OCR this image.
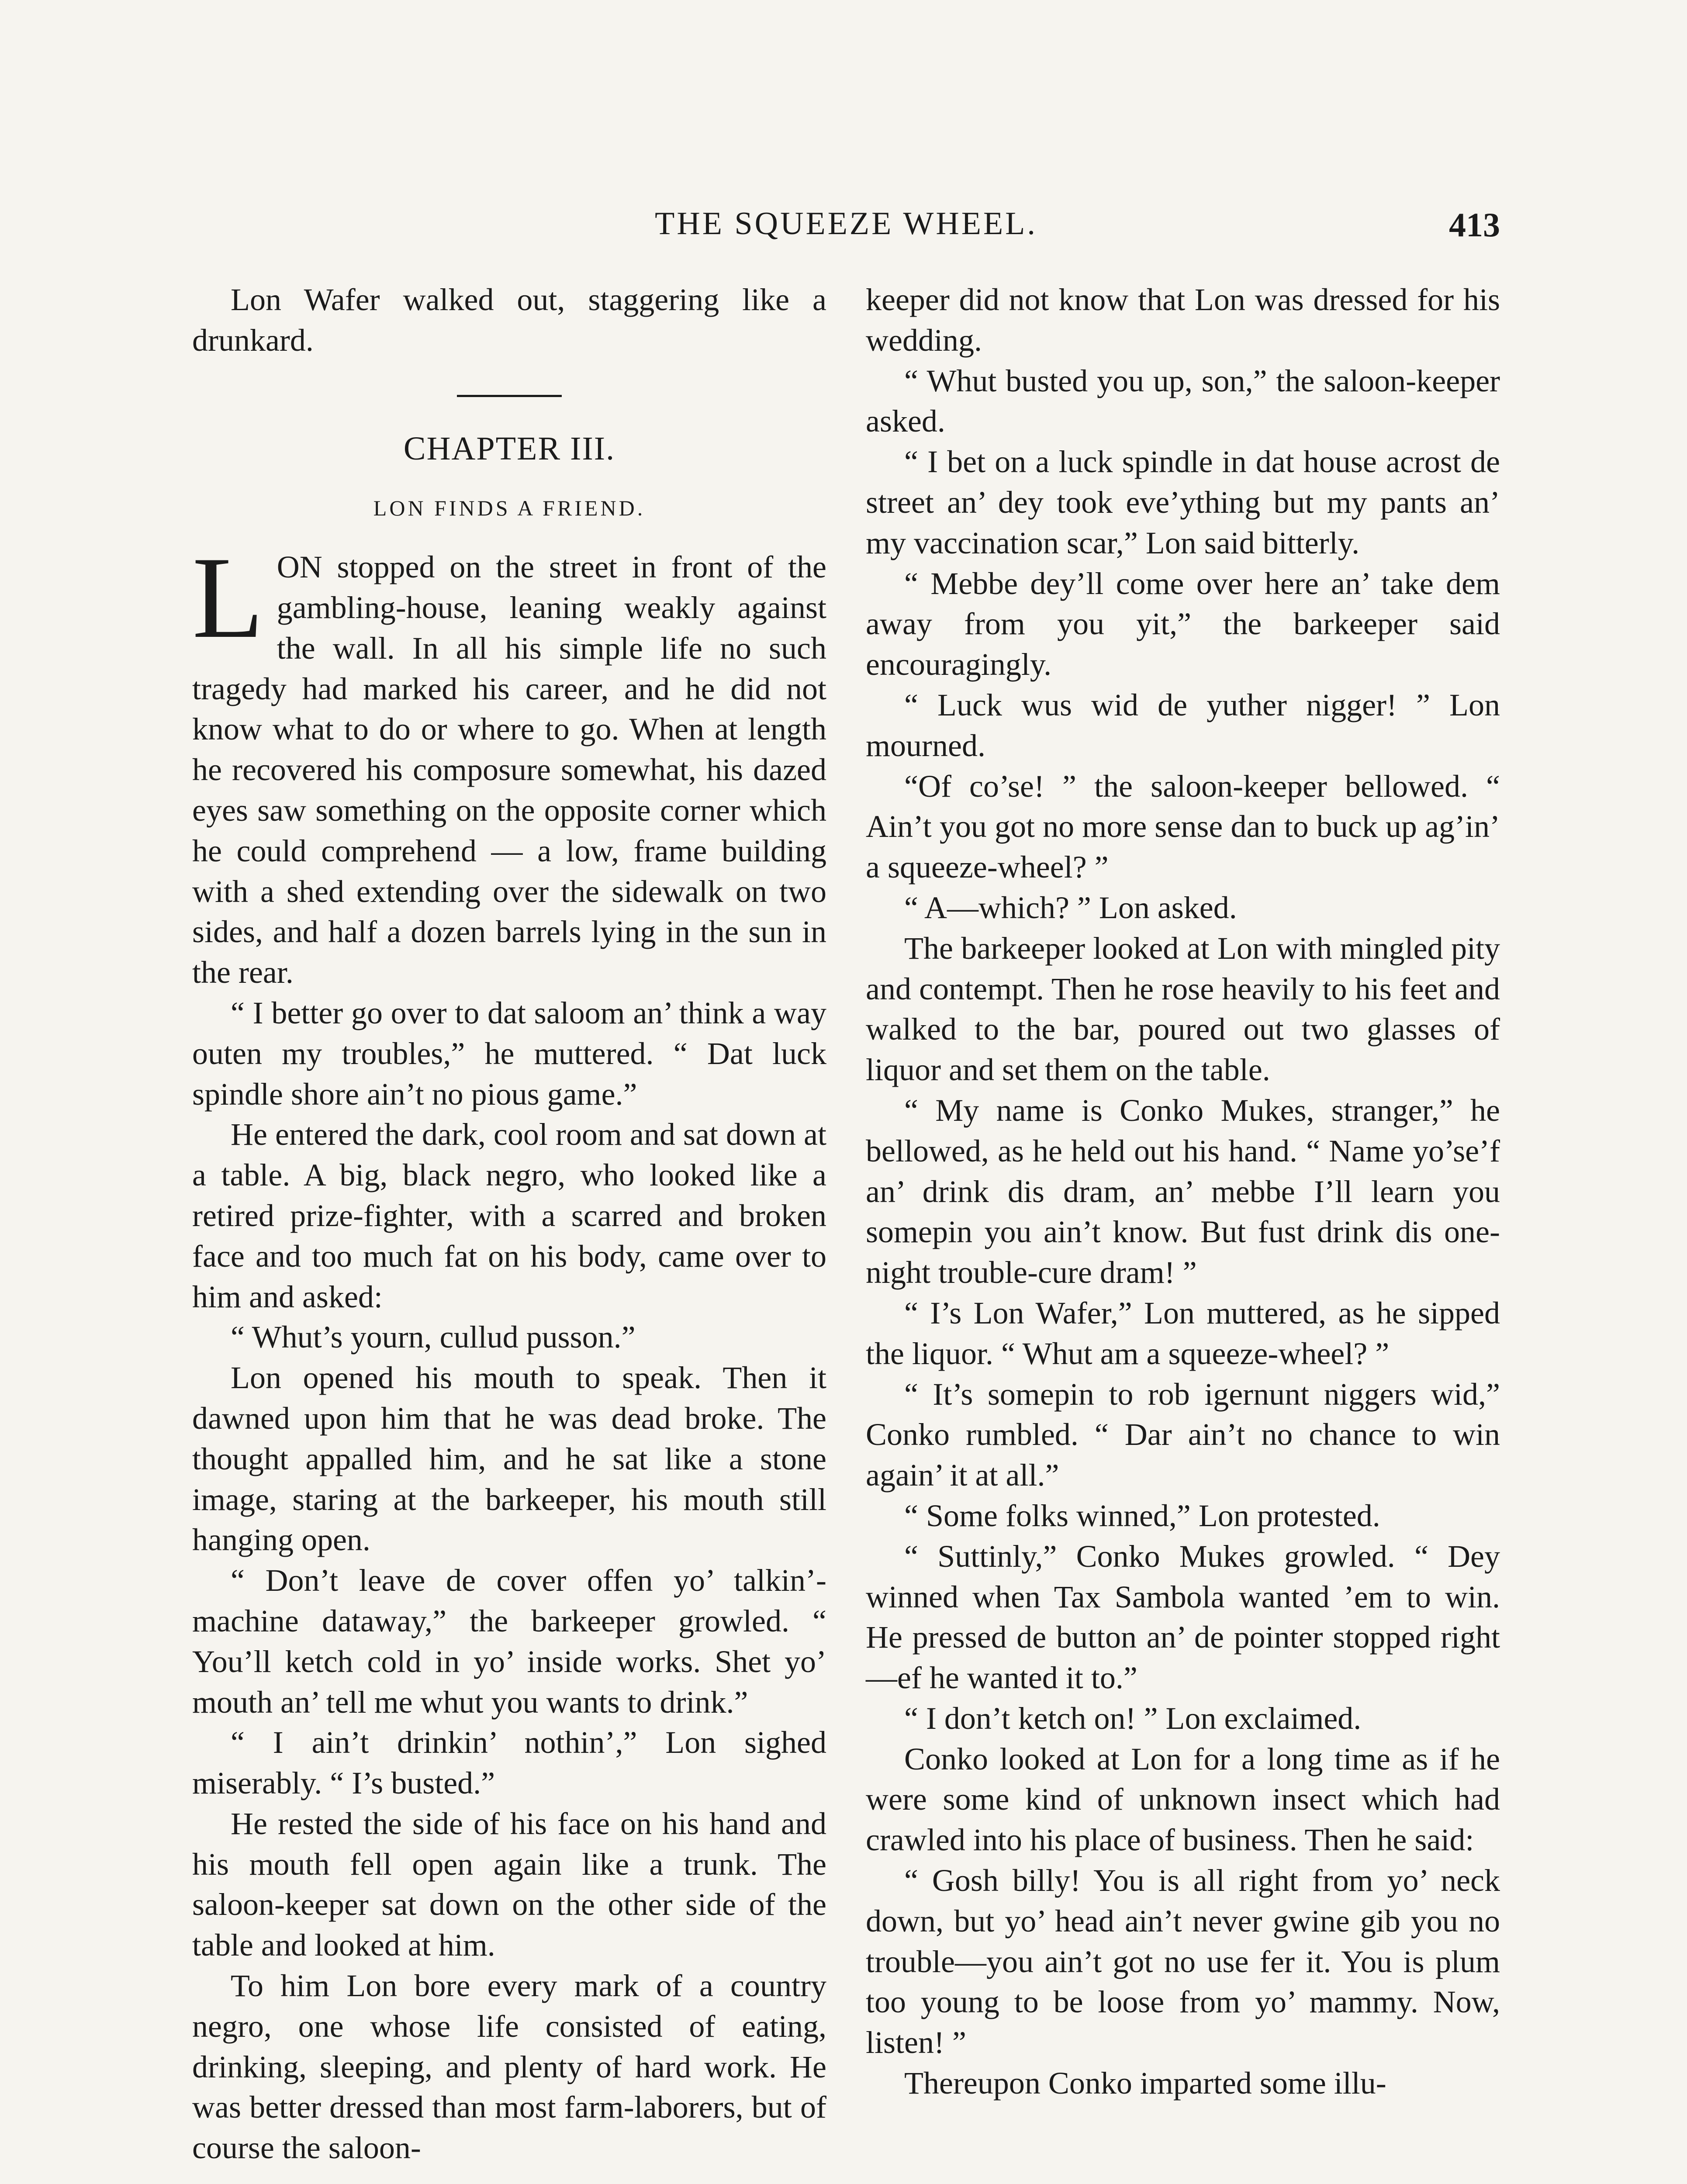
THE SQUEEZE WHEEL.	413

Lon Wafer walked out, staggering like a drunkard.

CHAPTER III.
LON FINDS A FRIEND.

LON stopped on the street in front of the gambling-house, leaning weakly against the wall. In all his simple life no such tragedy had marked his career, and he did not know what to do or where to go. When at length he recovered his composure somewhat, his dazed eyes saw something on the opposite corner which he could comprehend — a low, frame building with a shed extending over the sidewalk on two sides, and half a dozen barrels lying in the sun in the rear.

“ I better go over to dat saloom an’ think a way outen my troubles,” he muttered. “ Dat luck spindle shore ain’t no pious game.”

He entered the dark, cool room and sat down at a table. A big, black negro, who looked like a retired prize-fighter, with a scarred and broken face and too much fat on his body, came over to him and asked:

“ Whut’s yourn, cullud pusson.”

Lon opened his mouth to speak. Then it dawned upon him that he was dead broke. The thought appalled him, and he sat like a stone image, staring at the barkeeper, his mouth still hanging open.

“ Don’t leave de cover offen yo’ talkin’-machine dataway,” the barkeeper growled. “ You’ll ketch cold in yo’ inside works. Shet yo’ mouth an’ tell me whut you wants to drink.”

“ I ain’t drinkin’ nothin’,” Lon sighed miserably. “ I’s busted.”

He rested the side of his face on his hand and his mouth fell open again like a trunk. The saloon-keeper sat down on the other side of the table and looked at him.

To him Lon bore every mark of a country negro, one whose life consisted of eating, drinking, sleeping, and plenty of hard work. He was better dressed than most farm-laborers, but of course the saloon-

keeper did not know that Lon was dressed for his wedding.

“ Whut busted you up, son,” the saloon-keeper asked.

“ I bet on a luck spindle in dat house acrost de street an’ dey took eve’ything but my pants an’ my vaccination scar,” Lon said bitterly.

“ Mebbe dey’ll come over here an’ take dem away from you yit,” the barkeeper said encouragingly.

“ Luck wus wid de yuther nigger! ” Lon mourned.

“Of co’se! ” the saloon-keeper bellowed. “ Ain’t you got no more sense dan to buck up ag’in’ a squeeze-wheel? ”

“ A—which? ” Lon asked.

The barkeeper looked at Lon with mingled pity and contempt. Then he rose heavily to his feet and walked to the bar, poured out two glasses of liquor and set them on the table.

“ My name is Conko Mukes, stranger,” he bellowed, as he held out his hand. “ Name yo’se’f an’ drink dis dram, an’ mebbe I’ll learn you somepin you ain’t know. But fust drink dis one-night trouble-cure dram! ”

“ I’s Lon Wafer,” Lon muttered, as he sipped the liquor. “ Whut am a squeeze-wheel? ”

“ It’s somepin to rob igernunt niggers wid,” Conko rumbled. “ Dar ain’t no chance to win again’ it at all.”

“ Some folks winned,” Lon protested.

“ Suttinly,” Conko Mukes growled. “ Dey winned when Tax Sambola wanted ’em to win. He pressed de button an’ de pointer stopped right—ef he wanted it to.”

“ I don’t ketch on! ” Lon exclaimed.

Conko looked at Lon for a long time as if he were some kind of unknown insect which had crawled into his place of business. Then he said:

“ Gosh billy! You is all right from yo’ neck down, but yo’ head ain’t never gwine gib you no trouble—you ain’t got no use fer it. You is plum too young to be loose from yo’ mammy. Now, listen! ”

Thereupon Conko imparted some illu-
